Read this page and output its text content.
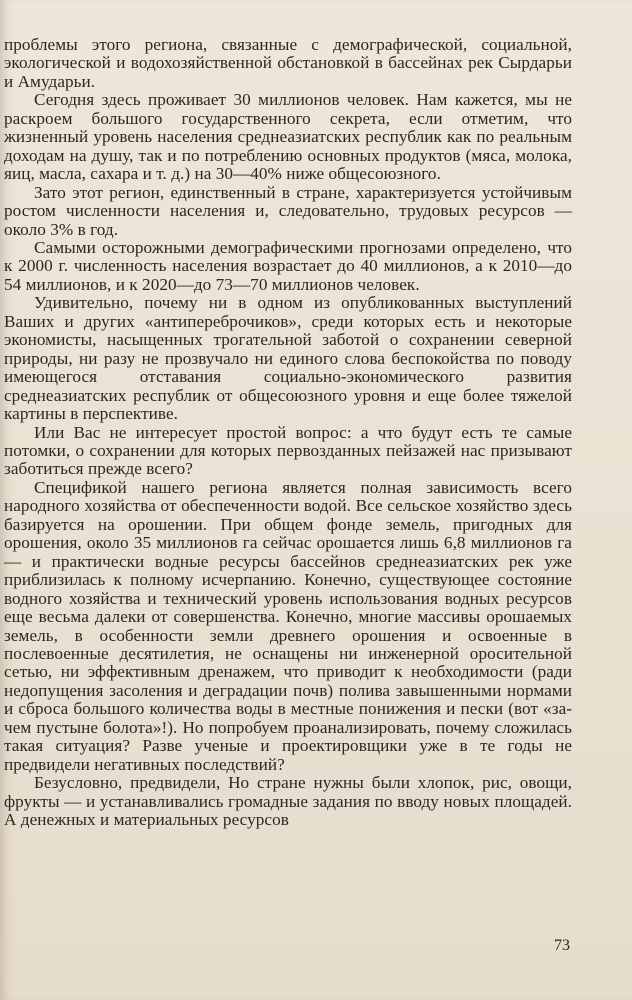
проблемы этого региона, связанные с демографической, социальной, экологической и водохозяйственной обстановкой в бассейнах рек Сырдарьи и Амударьи.

Сегодня здесь проживает 30 миллионов человек. Нам кажется, мы не раскроем большого государственного секрета, если отметим, что жизненный уровень населения среднеазиатских республик как по реальным доходам на душу, так и по потреблению основных продуктов (мяса, молока, яиц, масла, сахара и т. д.) на 30—40% ниже общесоюзного.

Зато этот регион, единственный в стране, характеризуется устойчивым ростом численности населения и, следовательно, трудовых ресурсов — около 3% в год.

Самыми осторожными демографическими прогнозами определено, что к 2000 г. численность населения возрастает до 40 миллионов, а к 2010—до 54 миллионов, и к 2020—до 73—70 миллионов человек.

Удивительно, почему ни в одном из опубликованных выступлений Ваших и других «антипереброчиков», среди которых есть и некоторые экономисты, насыщенных трогательной заботой о сохранении северной природы, ни разу не прозвучало ни единого слова беспокойства по поводу имеющегося отставания социально-экономического развития среднеазиатских республик от общесоюзного уровня и еще более тяжелой картины в перспективе.

Или Вас не интересует простой вопрос: а что будут есть те самые потомки, о сохранении для которых первозданных пейзажей нас призывают заботиться прежде всего?

Спецификой нашего региона является полная зависимость всего народного хозяйства от обеспеченности водой. Все сельское хозяйство здесь базируется на орошении. При общем фонде земель, пригодных для орошения, около 35 миллионов га сейчас орошается лишь 6,8 миллионов га — и практически водные ресурсы бассейнов среднеазиатских рек уже приблизилась к полному исчерпанию. Конечно, существующее состояние водного хозяйства и технический уровень использования водных ресурсов еще весьма далеки от совершенства. Конечно, многие массивы орошаемых земель, в особенности земли древнего орошения и освоенные в послевоенные десятилетия, не оснащены ни инженерной оросительной сетью, ни эффективным дренажем, что приводит к необходимости (ради недопущения засоления и деградации почв) полива завышенными нормами и сброса большого количества воды в местные понижения и пески (вот «зачем пустыне болота»!). Но попробуем проанализировать, почему сложилась такая ситуация? Разве ученые и проектировщики уже в те годы не предвидели негативных последствий?

Безусловно, предвидели, Но стране нужны были хлопок, рис, овощи, фрукты — и устанавливались громадные задания по вводу новых площадей. А денежных и материальных ресурсов

73
